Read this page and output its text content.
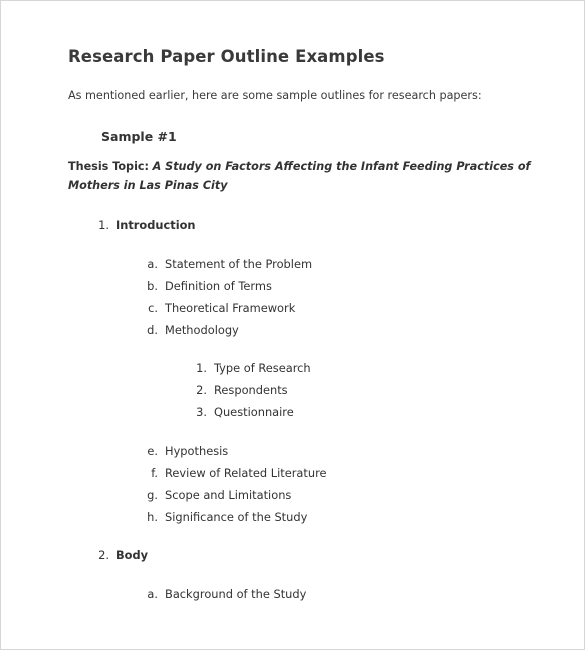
Research Paper Outline Examples
As mentioned earlier, here are some sample outlines for research papers:
Sample #1
Thesis Topic: A Study on Factors Affecting the Infant Feeding Practices of Mothers in Las Pinas City
1. Introduction
a. Statement of the Problem
b. Definition of Terms
c. Theoretical Framework
d. Methodology
1. Type of Research
2. Respondents
3. Questionnaire
e. Hypothesis
f. Review of Related Literature
g. Scope and Limitations
h. Significance of the Study
2. Body
a. Background of the Study
